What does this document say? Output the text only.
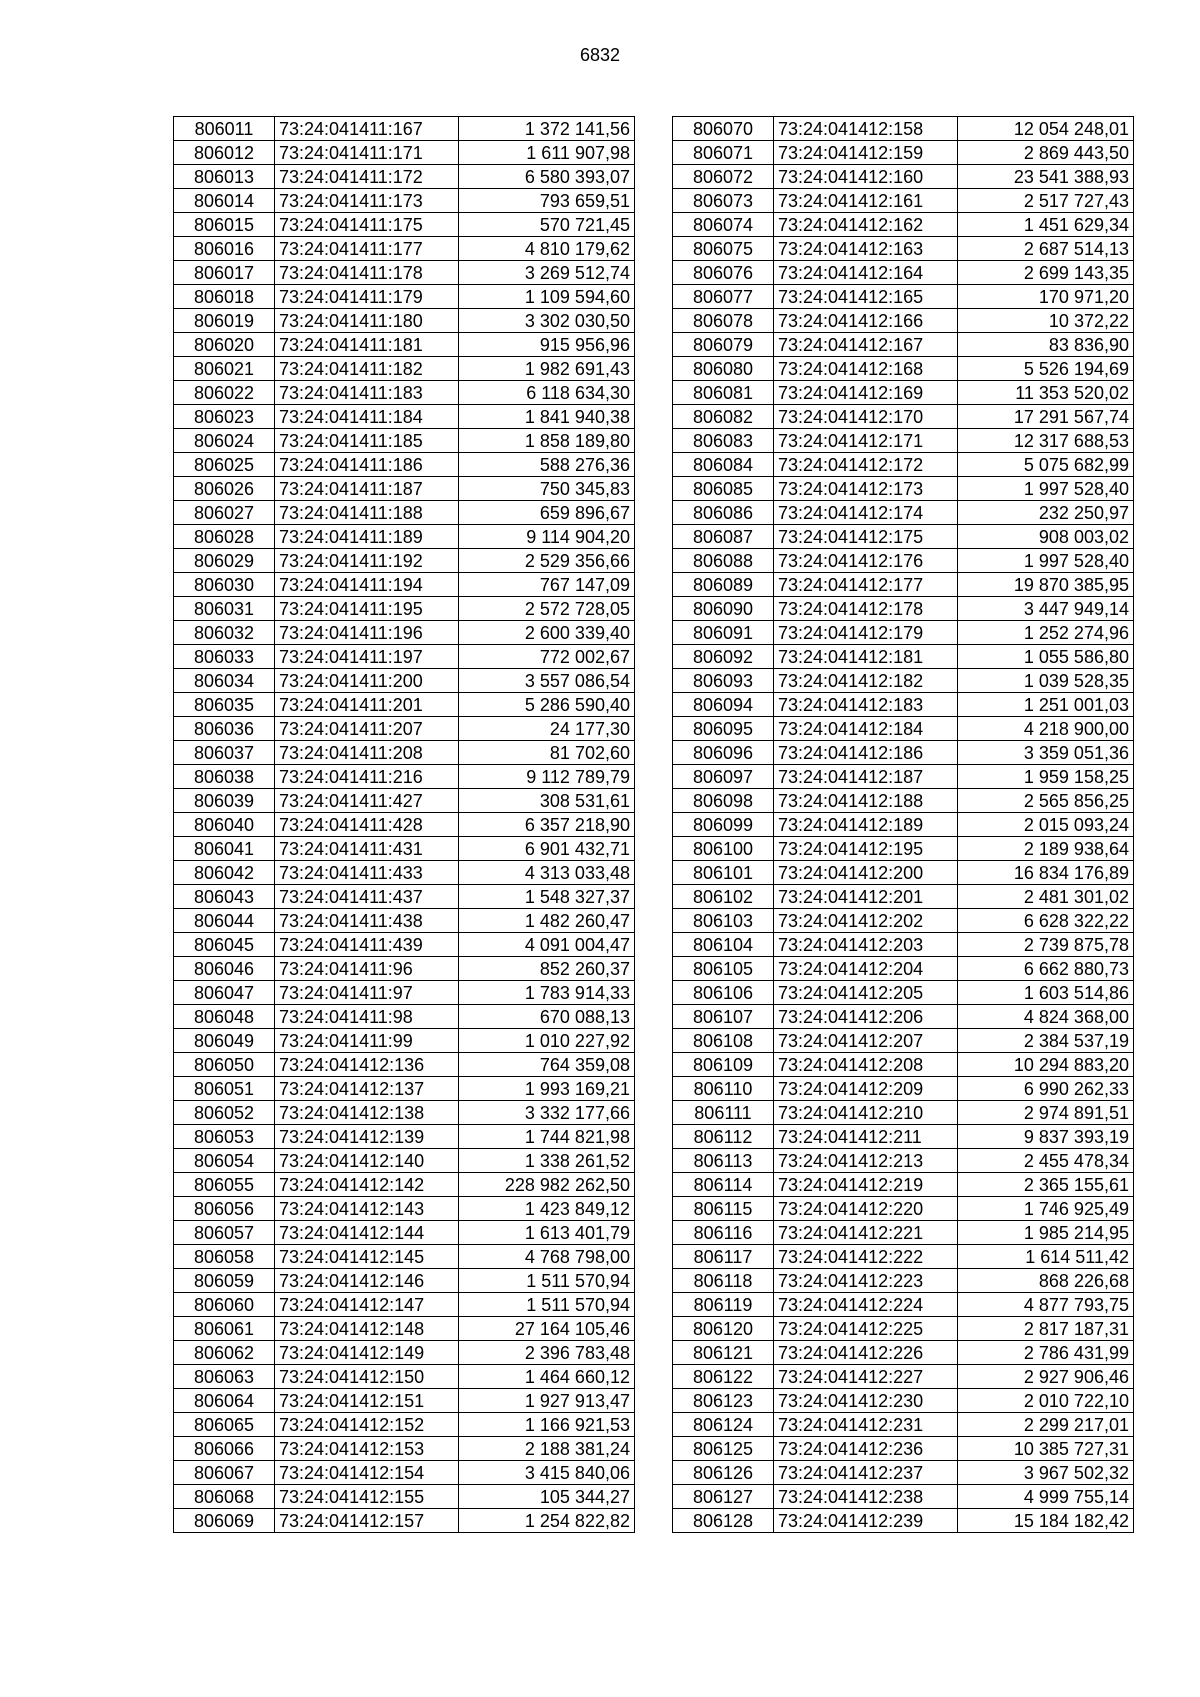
6832
806011	73:24:041411:167	1 372 141,56
806012	73:24:041411:171	1 611 907,98
806013	73:24:041411:172	6 580 393,07
806014	73:24:041411:173	793 659,51
806015	73:24:041411:175	570 721,45
806016	73:24:041411:177	4 810 179,62
806017	73:24:041411:178	3 269 512,74
806018	73:24:041411:179	1 109 594,60
806019	73:24:041411:180	3 302 030,50
806020	73:24:041411:181	915 956,96
806021	73:24:041411:182	1 982 691,43
806022	73:24:041411:183	6 118 634,30
806023	73:24:041411:184	1 841 940,38
806024	73:24:041411:185	1 858 189,80
806025	73:24:041411:186	588 276,36
806026	73:24:041411:187	750 345,83
806027	73:24:041411:188	659 896,67
806028	73:24:041411:189	9 114 904,20
806029	73:24:041411:192	2 529 356,66
806030	73:24:041411:194	767 147,09
806031	73:24:041411:195	2 572 728,05
806032	73:24:041411:196	2 600 339,40
806033	73:24:041411:197	772 002,67
806034	73:24:041411:200	3 557 086,54
806035	73:24:041411:201	5 286 590,40
806036	73:24:041411:207	24 177,30
806037	73:24:041411:208	81 702,60
806038	73:24:041411:216	9 112 789,79
806039	73:24:041411:427	308 531,61
806040	73:24:041411:428	6 357 218,90
806041	73:24:041411:431	6 901 432,71
806042	73:24:041411:433	4 313 033,48
806043	73:24:041411:437	1 548 327,37
806044	73:24:041411:438	1 482 260,47
806045	73:24:041411:439	4 091 004,47
806046	73:24:041411:96	852 260,37
806047	73:24:041411:97	1 783 914,33
806048	73:24:041411:98	670 088,13
806049	73:24:041411:99	1 010 227,92
806050	73:24:041412:136	764 359,08
806051	73:24:041412:137	1 993 169,21
806052	73:24:041412:138	3 332 177,66
806053	73:24:041412:139	1 744 821,98
806054	73:24:041412:140	1 338 261,52
806055	73:24:041412:142	228 982 262,50
806056	73:24:041412:143	1 423 849,12
806057	73:24:041412:144	1 613 401,79
806058	73:24:041412:145	4 768 798,00
806059	73:24:041412:146	1 511 570,94
806060	73:24:041412:147	1 511 570,94
806061	73:24:041412:148	27 164 105,46
806062	73:24:041412:149	2 396 783,48
806063	73:24:041412:150	1 464 660,12
806064	73:24:041412:151	1 927 913,47
806065	73:24:041412:152	1 166 921,53
806066	73:24:041412:153	2 188 381,24
806067	73:24:041412:154	3 415 840,06
806068	73:24:041412:155	105 344,27
806069	73:24:041412:157	1 254 822,82
806070	73:24:041412:158	12 054 248,01
806071	73:24:041412:159	2 869 443,50
806072	73:24:041412:160	23 541 388,93
806073	73:24:041412:161	2 517 727,43
806074	73:24:041412:162	1 451 629,34
806075	73:24:041412:163	2 687 514,13
806076	73:24:041412:164	2 699 143,35
806077	73:24:041412:165	170 971,20
806078	73:24:041412:166	10 372,22
806079	73:24:041412:167	83 836,90
806080	73:24:041412:168	5 526 194,69
806081	73:24:041412:169	11 353 520,02
806082	73:24:041412:170	17 291 567,74
806083	73:24:041412:171	12 317 688,53
806084	73:24:041412:172	5 075 682,99
806085	73:24:041412:173	1 997 528,40
806086	73:24:041412:174	232 250,97
806087	73:24:041412:175	908 003,02
806088	73:24:041412:176	1 997 528,40
806089	73:24:041412:177	19 870 385,95
806090	73:24:041412:178	3 447 949,14
806091	73:24:041412:179	1 252 274,96
806092	73:24:041412:181	1 055 586,80
806093	73:24:041412:182	1 039 528,35
806094	73:24:041412:183	1 251 001,03
806095	73:24:041412:184	4 218 900,00
806096	73:24:041412:186	3 359 051,36
806097	73:24:041412:187	1 959 158,25
806098	73:24:041412:188	2 565 856,25
806099	73:24:041412:189	2 015 093,24
806100	73:24:041412:195	2 189 938,64
806101	73:24:041412:200	16 834 176,89
806102	73:24:041412:201	2 481 301,02
806103	73:24:041412:202	6 628 322,22
806104	73:24:041412:203	2 739 875,78
806105	73:24:041412:204	6 662 880,73
806106	73:24:041412:205	1 603 514,86
806107	73:24:041412:206	4 824 368,00
806108	73:24:041412:207	2 384 537,19
806109	73:24:041412:208	10 294 883,20
806110	73:24:041412:209	6 990 262,33
806111	73:24:041412:210	2 974 891,51
806112	73:24:041412:211	9 837 393,19
806113	73:24:041412:213	2 455 478,34
806114	73:24:041412:219	2 365 155,61
806115	73:24:041412:220	1 746 925,49
806116	73:24:041412:221	1 985 214,95
806117	73:24:041412:222	1 614 511,42
806118	73:24:041412:223	868 226,68
806119	73:24:041412:224	4 877 793,75
806120	73:24:041412:225	2 817 187,31
806121	73:24:041412:226	2 786 431,99
806122	73:24:041412:227	2 927 906,46
806123	73:24:041412:230	2 010 722,10
806124	73:24:041412:231	2 299 217,01
806125	73:24:041412:236	10 385 727,31
806126	73:24:041412:237	3 967 502,32
806127	73:24:041412:238	4 999 755,14
806128	73:24:041412:239	15 184 182,42
